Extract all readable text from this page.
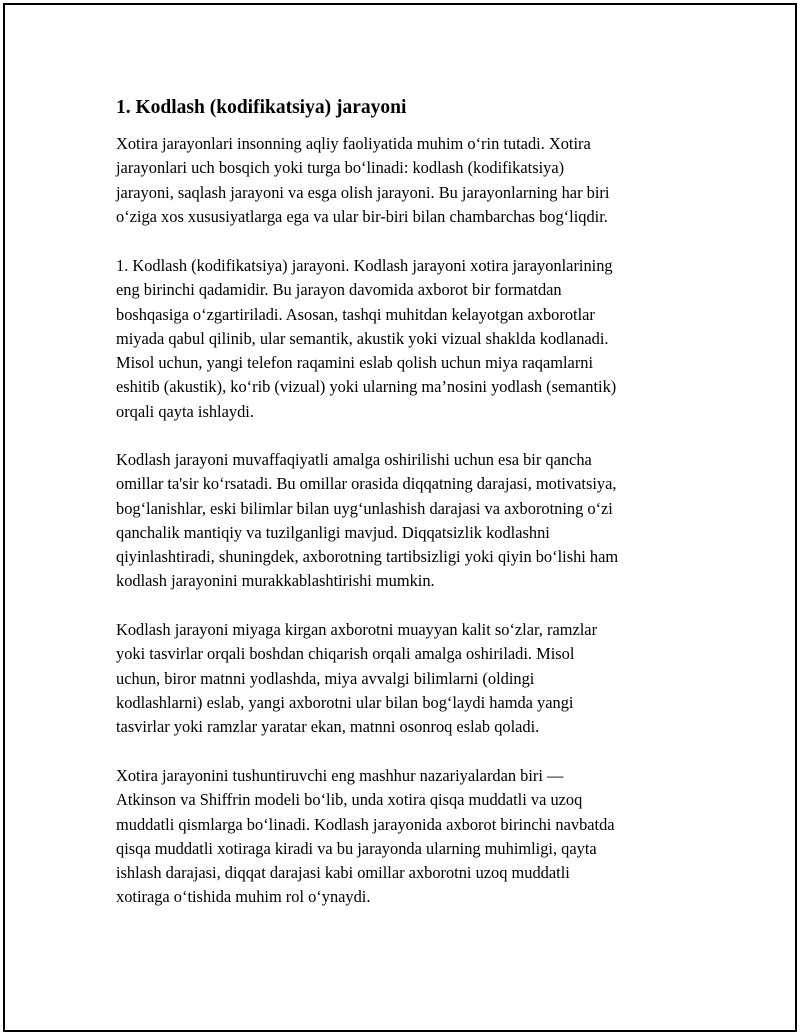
1. Kodlash (kodifikatsiya) jarayoni

Xotira jarayonlari insonning aqliy faoliyatida muhim o‘rin tutadi. Xotira
jarayonlari uch bosqich yoki turga bo‘linadi: kodlash (kodifikatsiya)
jarayoni, saqlash jarayoni va esga olish jarayoni. Bu jarayonlarning har biri
o‘ziga xos xususiyatlarga ega va ular bir-biri bilan chambarchas bog‘liqdir.

1. Kodlash (kodifikatsiya) jarayoni. Kodlash jarayoni xotira jarayonlarining
eng birinchi qadamidir. Bu jarayon davomida axborot bir formatdan
boshqasiga o‘zgartiriladi. Asosan, tashqi muhitdan kelayotgan axborotlar
miyada qabul qilinib, ular semantik, akustik yoki vizual shaklda kodlanadi.
Misol uchun, yangi telefon raqamini eslab qolish uchun miya raqamlarni
eshitib (akustik), ko‘rib (vizual) yoki ularning ma’nosini yodlash (semantik)
orqali qayta ishlaydi.

Kodlash jarayoni muvaffaqiyatli amalga oshirilishi uchun esa bir qancha
omillar ta'sir ko‘rsatadi. Bu omillar orasida diqqatning darajasi, motivatsiya,
bog‘lanishlar, eski bilimlar bilan uyg‘unlashish darajasi va axborotning o‘zi
qanchalik mantiqiy va tuzilganligi mavjud. Diqqatsizlik kodlashni
qiyinlashtiradi, shuningdek, axborotning tartibsizligi yoki qiyin bo‘lishi ham
kodlash jarayonini murakkablashtirishi mumkin.

Kodlash jarayoni miyaga kirgan axborotni muayyan kalit so‘zlar, ramzlar
yoki tasvirlar orqali boshdan chiqarish orqali amalga oshiriladi. Misol
uchun, biror matnni yodlashda, miya avvalgi bilimlarni (oldingi
kodlashlarni) eslab, yangi axborotni ular bilan bog‘laydi hamda yangi
tasvirlar yoki ramzlar yaratar ekan, matnni osonroq eslab qoladi.

Xotira jarayonini tushuntiruvchi eng mashhur nazariyalardan biri —
Atkinson va Shiffrin modeli bo‘lib, unda xotira qisqa muddatli va uzoq
muddatli qismlarga bo‘linadi. Kodlash jarayonida axborot birinchi navbatda
qisqa muddatli xotiraga kiradi va bu jarayonda ularning muhimligi, qayta
ishlash darajasi, diqqat darajasi kabi omillar axborotni uzoq muddatli
xotiraga o‘tishida muhim rol o‘ynaydi.
